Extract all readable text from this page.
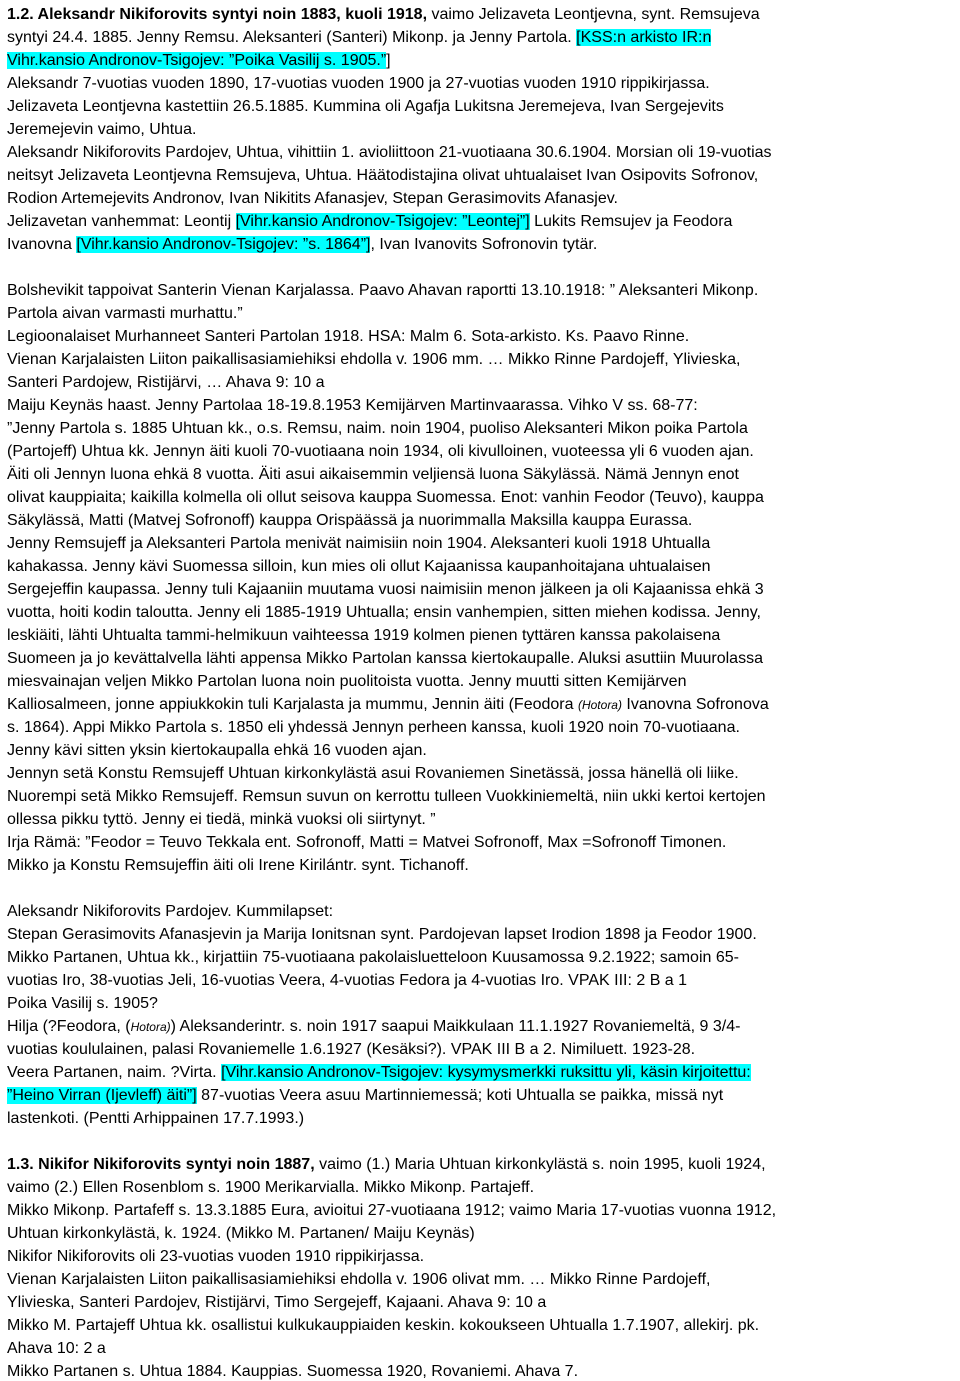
1.2. Aleksandr Nikiforovits syntyi noin 1883, kuoli 1918, vaimo Jelizaveta Leontjevna, synt. Remsujeva
syntyi 24.4. 1885. Jenny Remsu. Aleksanteri (Santeri) Mikonp. ja Jenny Partola. [KSS:n arkisto IR:n
Vihr.kansio Andronov-Tsigojev: ”Poika Vasilij s. 1905.”]
Aleksandr 7-vuotias vuoden 1890, 17-vuotias vuoden 1900 ja 27-vuotias vuoden 1910 rippikirjassa.
Jelizaveta Leontjevna kastettiin 26.5.1885. Kummina oli Agafja Lukitsna Jeremejeva, Ivan Sergejevits
Jeremejevin vaimo, Uhtua.
Aleksandr Nikiforovits Pardojev, Uhtua, vihittiin 1. avioliittoon 21-vuotiaana 30.6.1904. Morsian oli 19-vuotias
neitsyt Jelizaveta Leontjevna Remsujeva, Uhtua. Häätodistajina olivat uhtualaiset Ivan Osipovits Sofronov,
Rodion Artemejevits Andronov, Ivan Nikitits Afanasjev, Stepan Gerasimovits Afanasjev.
Jelizavetan vanhemmat: Leontij [Vihr.kansio Andronov-Tsigojev: ”Leontej”] Lukits Remsujev ja Feodora
Ivanovna [Vihr.kansio Andronov-Tsigojev: ”s. 1864”], Ivan Ivanovits Sofronovin tytär.
Bolshevikit tappoivat Santerin Vienan Karjalassa. Paavo Ahavan raportti 13.10.1918: ” Aleksanteri Mikonp.
Partola aivan varmasti murhattu.”
Legioonalaiset Murhanneet Santeri Partolan 1918. HSA: Malm 6. Sota-arkisto. Ks. Paavo Rinne.
Vienan Karjalaisten Liiton paikallisasiamiehiksi ehdolla v. 1906 mm. … Mikko Rinne Pardojeff, Ylivieska,
Santeri Pardojew, Ristijärvi, … Ahava 9: 10 a
Maiju Keynäs haast. Jenny Partolaa 18-19.8.1953 Kemijärven Martinvaarassa. Vihko V ss. 68-77:
”Jenny Partola s. 1885 Uhtuan kk., o.s. Remsu, naim. noin 1904, puoliso Aleksanteri Mikon poika Partola
(Partojeff) Uhtua kk. Jennyn äiti kuoli 70-vuotiaana noin 1934, oli kivulloinen, vuoteessa yli 6 vuoden ajan.
Äiti oli Jennyn luona ehkä 8 vuotta. Äiti asui aikaisemmin veljiensä luona Säkylässä. Nämä Jennyn enot
olivat kauppiaita; kaikilla kolmella oli ollut seisova kauppa Suomessa. Enot: vanhin Feodor (Teuvo), kauppa
Säkylässä, Matti (Matvej Sofronoff) kauppa Orispäässä ja nuorimmalla Maksilla kauppa Eurassa.
Jenny Remsujeff ja Aleksanteri Partola menivät naimisiin noin 1904. Aleksanteri kuoli 1918 Uhtualla
kahakassa. Jenny kävi Suomessa silloin, kun mies oli ollut Kajaanissa kaupanhoitajana uhtualaisen
Sergejeffin kaupassa. Jenny tuli Kajaaniin muutama vuosi naimisiin menon jälkeen ja oli Kajaanissa ehkä 3
vuotta, hoiti kodin taloutta. Jenny eli 1885-1919 Uhtualla; ensin vanhempien, sitten miehen kodissa. Jenny,
leskiäiti, lähti Uhtualta tammi-helmikuun vaihteessa 1919 kolmen pienen tyttären kanssa pakolaisena
Suomeen ja jo kevättalvella lähti appensa Mikko Partolan kanssa kiertokaupalle. Aluksi asuttiin Muurolassa
miesvainajan veljen Mikko Partolan luona noin puolitoista vuotta. Jenny muutti sitten Kemijärven
Kalliosalmeen, jonne appiukkokin tuli Karjalasta ja mummu, Jennin äiti (Feodora (Hotora) Ivanovna Sofronova
s. 1864). Appi Mikko Partola s. 1850 eli yhdessä Jennyn perheen kanssa, kuoli 1920 noin 70-vuotiaana.
Jenny kävi sitten yksin kiertokaupalla ehkä 16 vuoden ajan.
Jennyn setä Konstu Remsujeff Uhtuan kirkonkylästä asui Rovaniemen Sinetässä, jossa hänellä oli liike.
Nuorempi setä Mikko Remsujeff. Remsun suvun on kerrottu tulleen Vuokkiniemeltä, niin ukki kertoi kertojen
ollessa pikku tyttö. Jenny ei tiedä, minkä vuoksi oli siirtynyt. ”
Irja Rämä: ”Feodor = Teuvo Tekkala ent. Sofronoff, Matti = Matvei Sofronoff, Max =Sofronoff Timonen.
Mikko ja Konstu Remsujeffin äiti oli Irene Kirilántr. synt. Tichanoff.
Aleksandr Nikiforovits Pardojev. Kummilapset:
Stepan Gerasimovits Afanasjevin ja Marija Ionitsnan synt. Pardojevan lapset Irodion 1898 ja Feodor 1900.
Mikko Partanen, Uhtua kk., kirjattiin 75-vuotiaana pakolaisluetteloon Kuusamossa 9.2.1922; samoin 65-
vuotias Iro, 38-vuotias Jeli, 16-vuotias Veera, 4-vuotias Fedora ja 4-vuotias Iro. VPAK III: 2 B a 1
Poika Vasilij s. 1905?
Hilja (?Feodora, (Hotora)) Aleksanderintr. s. noin 1917 saapui Maikkulaan 11.1.1927 Rovaniemeltä, 9 3/4-
vuotias koululainen, palasi Rovaniemelle 1.6.1927 (Kesäksi?). VPAK III B a 2. Nimiluett. 1923-28.
Veera Partanen, naim. ?Virta. [Vihr.kansio Andronov-Tsigojev: kysymysmerkki ruksittu yli, käsin kirjoitettu:
”Heino Virran (Ijevleff) äiti”] 87-vuotias Veera asuu Martinniemessä; koti Uhtualla se paikka, missä nyt
lastenkoti. (Pentti Arhippainen 17.7.1993.)
1.3. Nikifor Nikiforovits syntyi noin 1887, vaimo (1.) Maria Uhtuan kirkonkylästä s. noin 1995, kuoli 1924,
vaimo (2.) Ellen Rosenblom s. 1900 Merikarvialla. Mikko Mikonp. Partajeff.
Mikko Mikonp. Partafeff s. 13.3.1885 Eura, avioitui 27-vuotiaana 1912; vaimo Maria 17-vuotias vuonna 1912,
Uhtuan kirkonkylästä, k. 1924. (Mikko M. Partanen/ Maiju Keynäs)
Nikifor Nikiforovits oli 23-vuotias vuoden 1910 rippikirjassa.
Vienan Karjalaisten Liiton paikallisasiamiehiksi ehdolla v. 1906 olivat mm. … Mikko Rinne Pardojeff,
Ylivieska, Santeri Pardojev, Ristijärvi, Timo Sergejeff, Kajaani. Ahava 9: 10 a
Mikko M. Partajeff Uhtua kk. osallistui kulkukauppiaiden keskin. kokoukseen Uhtualla 1.7.1907, allekirj. pk.
Ahava 10: 2 a
Mikko Partanen s. Uhtua 1884. Kauppias. Suomessa 1920, Rovaniemi. Ahava 7.
